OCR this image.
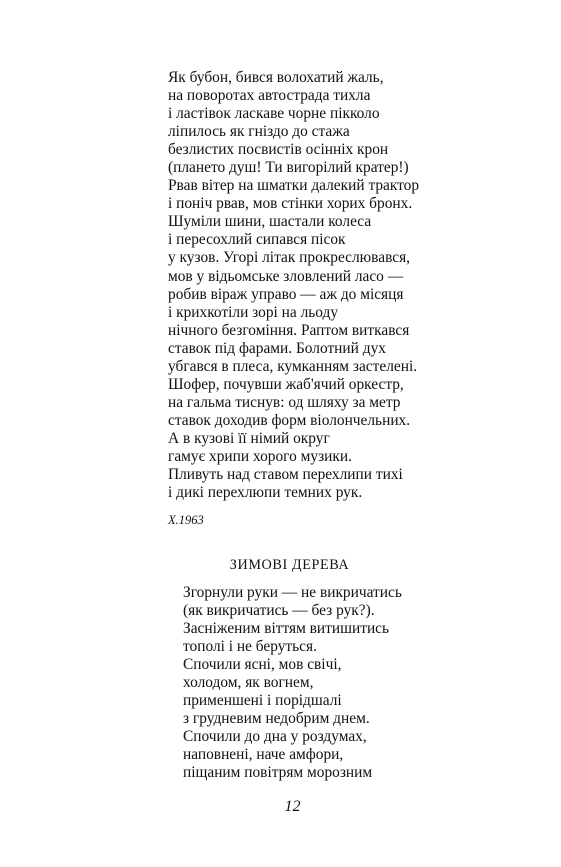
Як бубон, бився волохатий жаль,
на поворотах автострада тихла
і ластівок ласкаве чорне пікколо
ліпилось як гніздо до стажа
безлистих посвистів осінніх крон
(плането душ! Ти вигорілий кратер!)
Рвав вітер на шматки далекий трактор
і поніч рвав, мов стінки хорих бронх.
Шуміли шини, шастали колеса
і пересохлий сипався пісок
у кузов. Угорі літак прокреслювався,
мов у відьомське зловлений ласо —
робив віраж управо — аж до місяця
і крихкотіли зорі на льоду
нічного безгоміння. Раптом виткався
ставок під фарами. Болотний дух
убгався в плеса, кумканням застелені.
Шофер, почувши жаб'ячий оркестр,
на гальма тиснув: од шляху за метр
ставок доходив форм віолончельних.
А в кузові її німий округ
гамує хрипи хорого музики.
Пливуть над ставом перехлипи тихі
і дикі перехлюпи темних рук.
X.1963
ЗИМОВІ ДЕРЕВА
Згорнули руки — не викричатись
(як викричатись — без рук?).
Засніженим віттям витишитись
тополі і не беруться.
Спочили ясні, мов свічі,
холодом, як вогнем,
применшені і порідшалі
з грудневим недобрим днем.
Спочили до дна у роздумах,
наповнені, наче амфори,
піщаним повітрям морозним
12
